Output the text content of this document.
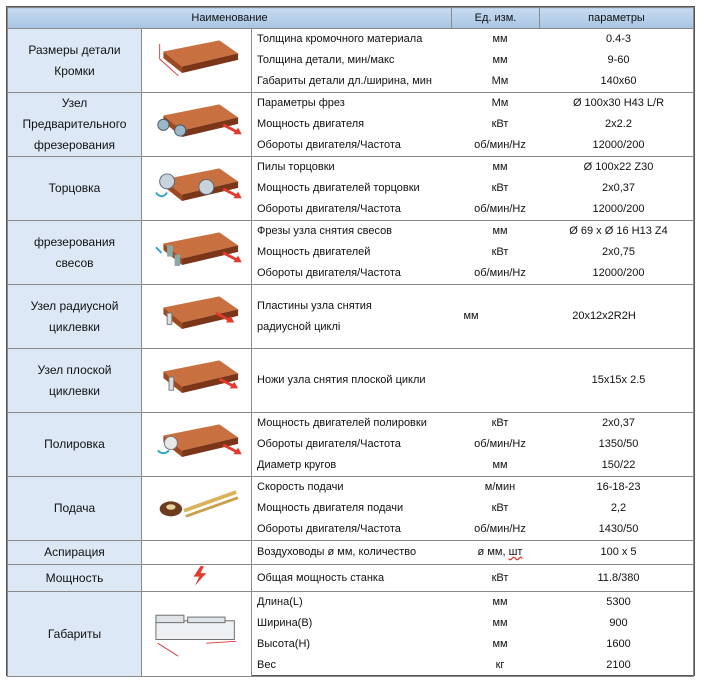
Наименование	Ед. изм.	параметры

Размеры детали
Кромки

Толщина кромочного материала	мм	0.4-3
Толщина детали, мин/макс	мм	9-60
Габариты детали дл./ширина, мин	Мм	140x60

Узел
Предварительного
фрезерования

Параметры фрез	Мм	Ø 100x30 H43 L/R
Мощность двигателя	кВт	2x2.2
Обороты двигателя/Частота	об/мин/Hz	12000/200

Торцовка

Пилы торцовки	мм	Ø 100x22 Z30
Мощность двигателей торцовки	кВт	2x0,37
Обороты двигателя/Частота	об/мин/Hz	12000/200

фрезерования
свесов

Фрезы узла снятия свесов	мм	Ø 69 x Ø 16 H13 Z4
Мощность двигателей	кВт	2x0,75
Обороты двигателя/Частота	об/мин/Hz	12000/200

Узел радиусной
циклевки

Пластины узла снятия радиусной циклі	мм	20x12x2R2H

Узел плоской
циклевки

Ножи узла снятия плоской цикли		15x15x 2.5

Полировка

Мощность двигателей полировки	кВт	2x0,37
Обороты двигателя/Частота	об/мин/Hz	1350/50
Диаметр кругов	мм	150/22

Подача

Скорость подачи	м/мин	16-18-23
Мощность двигателя подачи	кВт	2,2
Обороты двигателя/Частота	об/мин/Hz	1430/50

Аспирация
			Воздуховоды ø мм, количество	ø мм, шт	100 x 5

Мощность
			Общая мощность станка	кВт	11.8/380

Габариты

Длина(L)	мм	5300
Ширина(B)	мм	900
Высота(H)	мм	1600
Вес	кг	2100
